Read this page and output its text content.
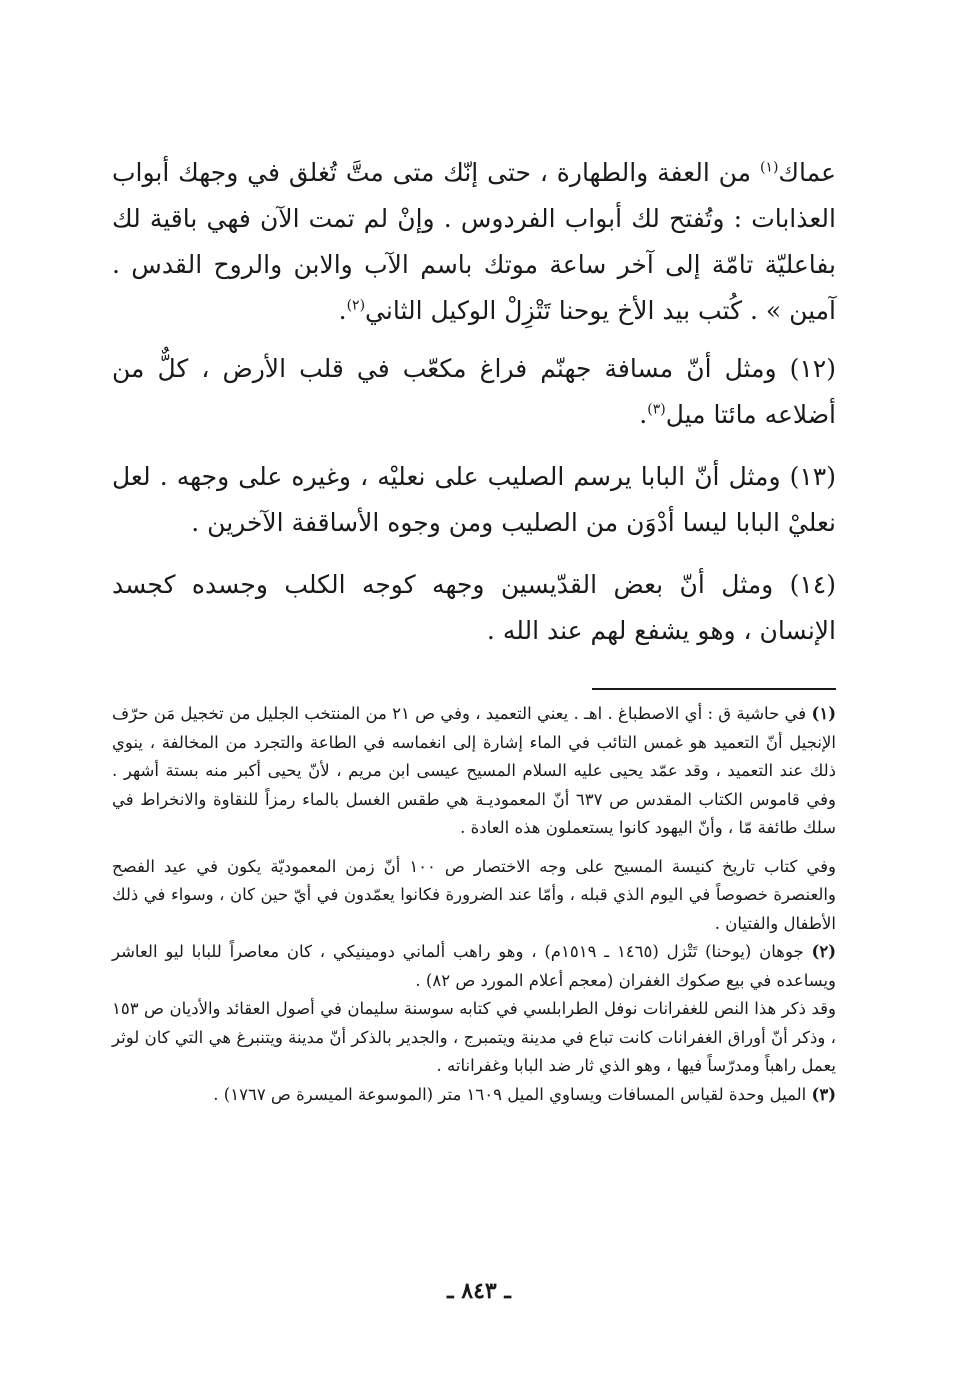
عماك$^{(١)}$ من العفة والطهارة ، حتى إنّك متى متَّ تُغلق في وجهك أبواب العذابات : وتُفتح لك أبواب الفردوس . وإنْ لم تمت الآن فهي باقية لك بفاعليّة تامّة إلى آخر ساعة موتك باسم الآب والابن والروح القدس . آمين » . كُتب بيد الأخ يوحنا تَتْزِلْ الوكيل الثاني$^{(٢)}$.

(١٢) ومثل أنّ مسافة جهنّم فراغ مكعّب في قلب الأرض ، كلٌّ من أضلاعه مائتا ميل$^{(٣)}$.

(١٣) ومثل أنّ البابا يرسم الصليب على نعليْه ، وغيره على وجهه . لعل نعليْ البابا ليسا أدْوَن من الصليب ومن وجوه الأساقفة الآخرين .

(١٤) ومثل أنّ بعض القدّيسين وجهه كوجه الكلب وجسده كجسد الإنسان ، وهو يشفع لهم عند الله .

(١) في حاشية ق : أي الاصطباغ . اهـ . يعني التعميد ، وفي ص ٢١ من المنتخب الجليل من تخجيل مَن حرّف الإنجيل أنّ التعميد هو غمس التائب في الماء إشارة إلى انغماسه في الطاعة والتجرد من المخالفة ، ينوي ذلك عند التعميد ، وقد عمّد يحيى عليه السلام المسيح عيسى ابن مريم ، لأنّ يحيى أكبر منه بستة أشهر . وفي قاموس الكتاب المقدس ص ٦٣٧ أنّ المعموديـة هي طقس الغسل بالماء رمزاً للنقاوة والانخراط في سلك طائفة مّا ، وأنّ اليهود كانوا يستعملون هذه العادة .

وفي كتاب تاريخ كنيسة المسيح على وجه الاختصار ص ١٠٠ أنّ زمن المعموديّة يكون في عيد الفصح والعنصرة خصوصاً في اليوم الذي قبله ، وأمّا عند الضرورة فكانوا يعمّدون في أيّ حين كان ، وسواء في ذلك الأطفال والفتيان .

(٢) جوهان (يوحنا) تَتْزل (١٤٦٥ ـ ١٥١٩م) ، وهو راهب ألماني دومينيكي ، كان معاصراً للبابا ليو العاشر ويساعده في بيع صكوك الغفران (معجم أعلام المورد ص ٨٢) .

وقد ذكر هذا النص للغفرانات نوفل الطرابلسي في كتابه سوسنة سليمان في أصول العقائد والأديان ص ١٥٣ ، وذكر أنّ أوراق الغفرانات كانت تباع في مدينة ويتمبرج ، والجدير بالذكر أنّ مدينة ويتنبرغ هي التي كان لوثر يعمل راهباً ومدرّساً فيها ، وهو الذي ثار ضد البابا وغفراناته .

(٣) الميل وحدة لقياس المسافات ويساوي الميل ١٦٠٩ متر (الموسوعة الميسرة ص ١٧٦٧) .

ـ ٨٤٣ ـ
